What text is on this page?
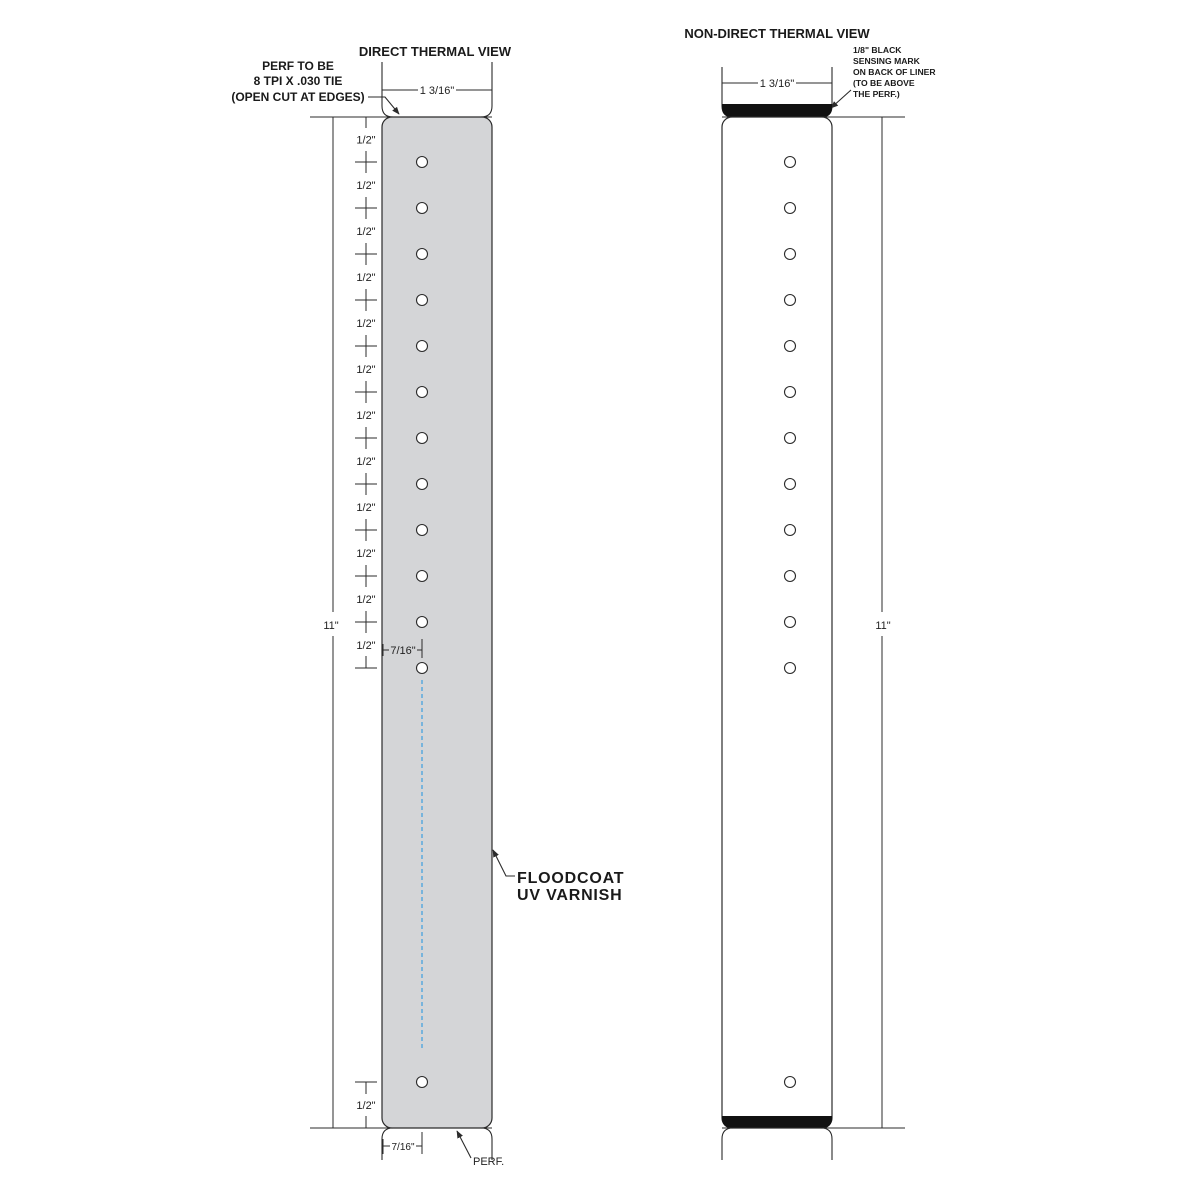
DIRECT THERMAL VIEW
PERF TO BE
8 TPI X .030 TIE
(OPEN CUT AT EDGES)	1 3/16"
11"
1/2"
1/2"
1/2"
1/2"
1/2"
1/2"
1/2"
1/2"
1/2"
1/2"
1/2"
1/2" 7/16"
1/2"
7/16"
PERF.
FLOODCOAT
UV VARNISH
NON-DIRECT THERMAL VIEW
1/8" BLACK
SENSING MARK
ON BACK OF LINER
(TO BE ABOVE
THE PERF.)
1 3/16"
11"
